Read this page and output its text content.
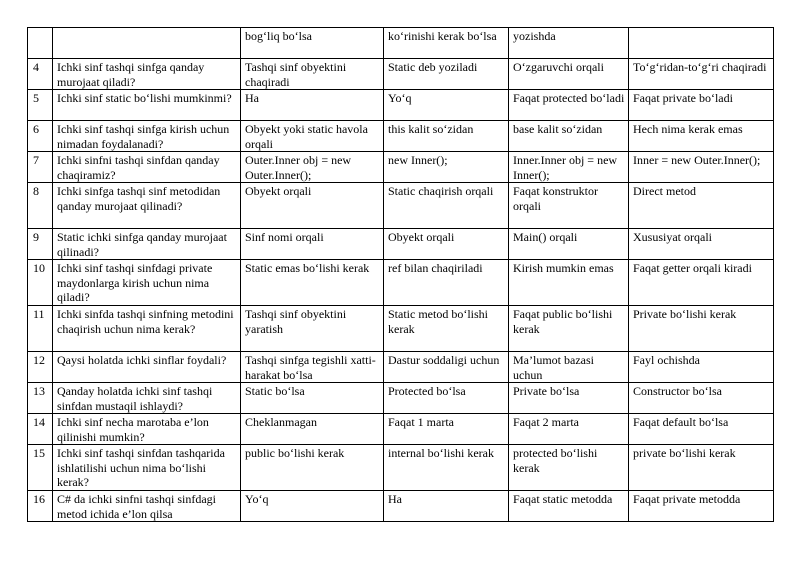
		bog‘liq bo‘lsa	ko‘rinishi kerak bo‘lsa	yozishda	
4	Ichki sinf tashqi sinfga qanday murojaat qiladi?	Tashqi sinf obyektini chaqiradi	Static deb yoziladi	O‘zgaruvchi orqali	To‘g‘ridan-to‘g‘ri chaqiradi
5	Ichki sinf static bo‘lishi mumkinmi?	Ha	Yo‘q	Faqat protected bo‘ladi	Faqat private bo‘ladi
6	Ichki sinf tashqi sinfga kirish uchun nimadan foydalanadi?	Obyekt yoki static havola orqali	this kalit so‘zidan	base kalit so‘zidan	Hech nima kerak emas
7	Ichki sinfni tashqi sinfdan qanday chaqiramiz?	Outer.Inner obj = new Outer.Inner();	new Inner();	Inner.Inner obj = new Inner();	Inner = new Outer.Inner();
8	Ichki sinfga tashqi sinf metodidan qanday murojaat qilinadi?	Obyekt orqali	Static chaqirish orqali	Faqat konstruktor orqali	Direct metod
9	Static ichki sinfga qanday murojaat qilinadi?	Sinf nomi orqali	Obyekt orqali	Main() orqali	Xususiyat orqali
10	Ichki sinf tashqi sinfdagi private maydonlarga kirish uchun nima qiladi?	Static emas bo‘lishi kerak	ref bilan chaqiriladi	Kirish mumkin emas	Faqat getter orqali kiradi
11	Ichki sinfda tashqi sinfning metodini chaqirish uchun nima kerak?	Tashqi sinf obyektini yaratish	Static metod bo‘lishi kerak	Faqat public bo‘lishi kerak	Private bo‘lishi kerak
12	Qaysi holatda ichki sinflar foydali?	Tashqi sinfga tegishli xatti-harakat bo‘lsa	Dastur soddaligi uchun	Ma’lumot bazasi uchun	Fayl ochishda
13	Qanday holatda ichki sinf tashqi sinfdan mustaqil ishlaydi?	Static bo‘lsa	Protected bo‘lsa	Private bo‘lsa	Constructor bo‘lsa
14	Ichki sinf necha marotaba e’lon qilinishi mumkin?	Cheklanmagan	Faqat 1 marta	Faqat 2 marta	Faqat default bo‘lsa
15	Ichki sinf tashqi sinfdan tashqarida ishlatilishi uchun nima bo‘lishi kerak?	public bo‘lishi kerak	internal bo‘lishi kerak	protected bo‘lishi kerak	private bo‘lishi kerak
16	C# da ichki sinfni tashqi sinfdagi metod ichida e’lon qilsa	Yo‘q	Ha	Faqat static metodda	Faqat private metodda
